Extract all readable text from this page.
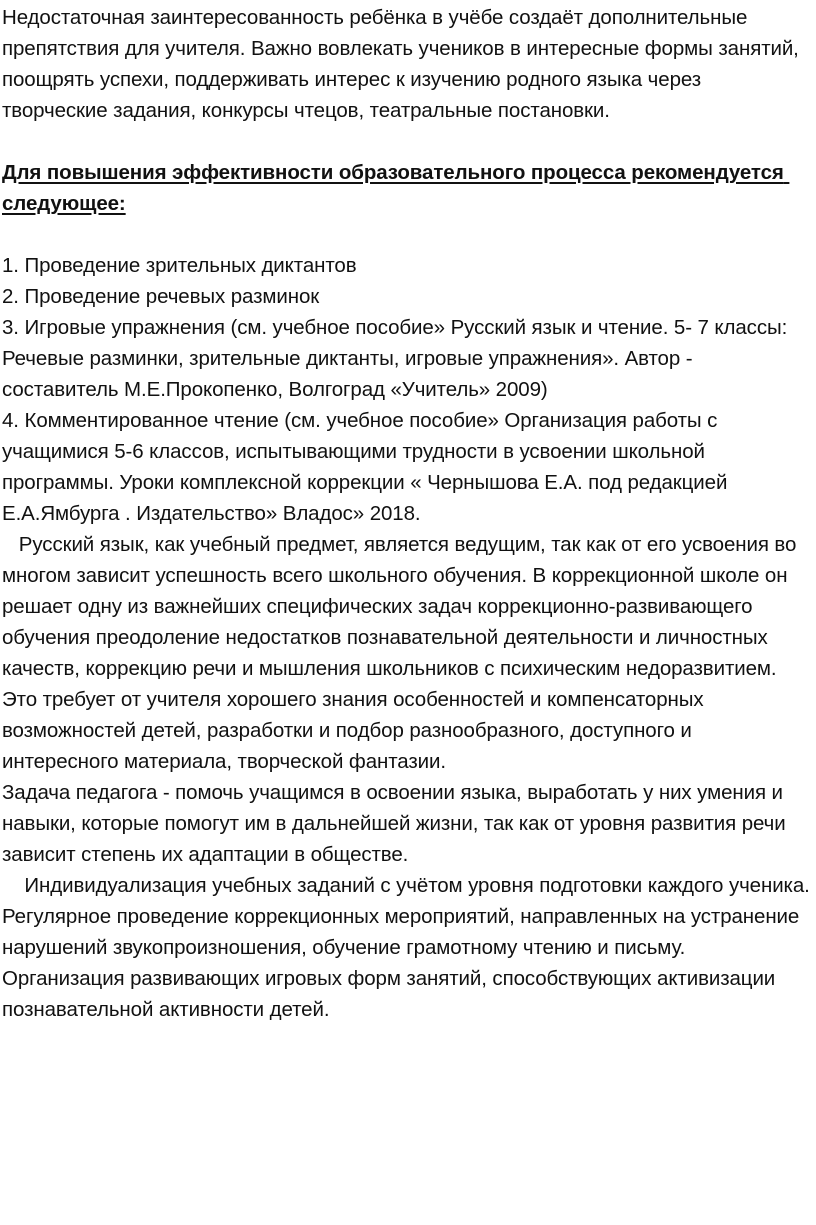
Недостаточная заинтересованность ребёнка в учёбе создаёт дополнительные препятствия для учителя. Важно вовлекать учеников в интересные формы занятий, поощрять успехи, поддерживать интерес к изучению родного языка через творческие задания, конкурсы чтецов, театральные постановки.

Для повышения эффективности образовательного процесса рекомендуется следующее:

1. Проведение зрительных диктантов

2. Проведение речевых разминок

3. Игровые упражнения (см. учебное пособие» Русский язык и чтение. 5- 7 классы:

Речевые разминки, зрительные диктанты, игровые упражнения». Автор - составитель М.Е.Прокопенко, Волгоград «Учитель» 2009)

4. Комментированное чтение (см. учебное пособие» Организация работы с учащимися 5-6 классов, испытывающими трудности в усвоении школьной программы. Уроки комплексной коррекции « Чернышова Е.А. под редакцией Е.А.Ямбурга . Издательство» Владос» 2018.

Русский язык, как учебный предмет, является ведущим, так как от его усвоения во многом зависит успешность всего школьного обучения. В коррекционной школе он

решает одну из важнейших специфических задач коррекционно-развивающего обучения преодоление недостатков познавательной деятельности и личностных качеств, коррекцию речи и мышления школьников с психическим недоразвитием. Это требует от учителя хорошего знания особенностей и компенсаторных возможностей детей, разработки и подбор разнообразного, доступного и интересного материала, творческой фантазии.

Задача педагога - помочь учащимся в освоении языка, выработать у них умения и навыки, которые помогут им в дальнейшей жизни, так как от уровня развития речи зависит степень их адаптации в обществе.

Индивидуализация учебных заданий с учётом уровня подготовки каждого ученика. Регулярное проведение коррекционных мероприятий, направленных на устранение нарушений звукопроизношения, обучение грамотному чтению и письму.

Организация развивающих игровых форм занятий, способствующих активизации познавательной активности детей.
